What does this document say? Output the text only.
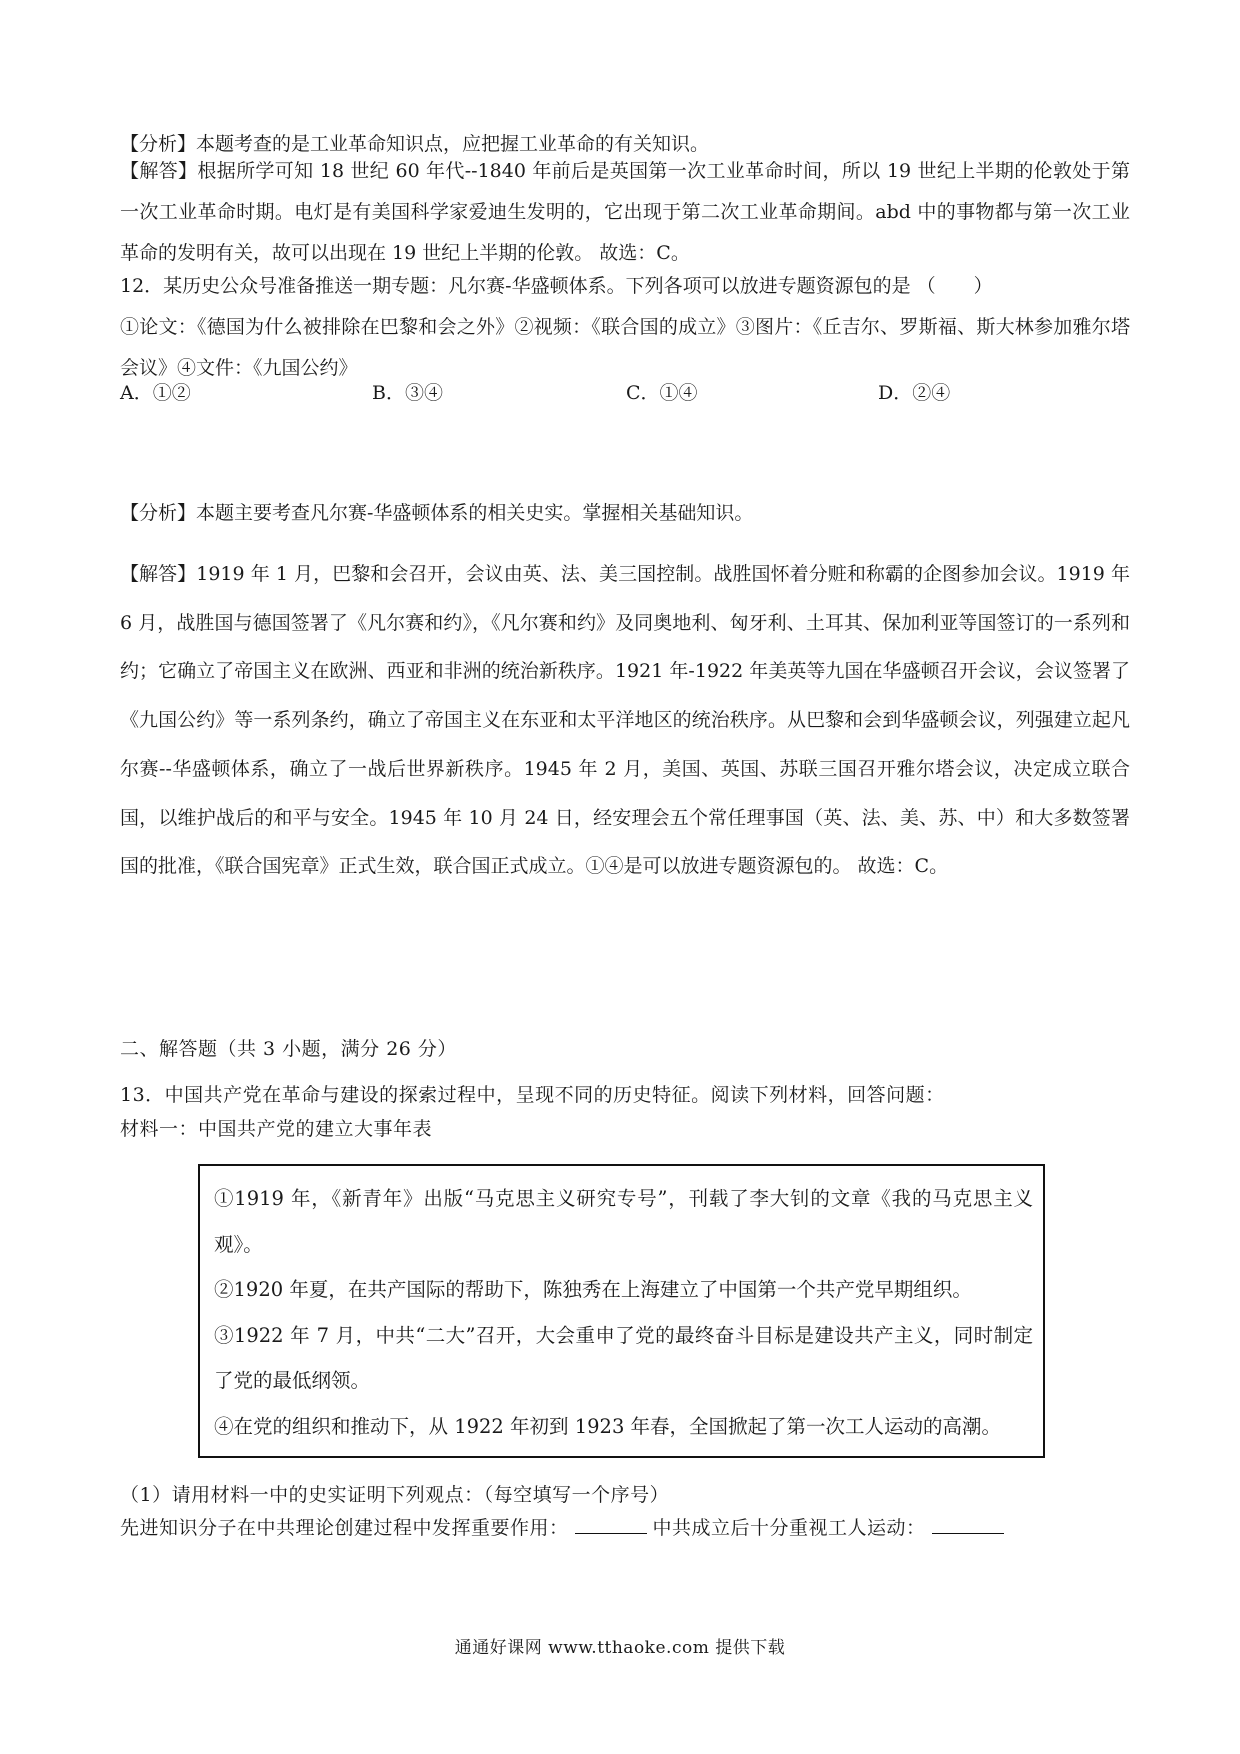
【分析】本题考查的是工业革命知识点，应把握工业革命的有关知识。
【解答】根据所学可知 18 世纪 60 年代--1840 年前后是英国第一次工业革命时间，所以 19 世纪上半期的伦敦处于第一次工业革命时期。电灯是有美国科学家爱迪生发明的，它出现于第二次工业革命期间。abd 中的事物都与第一次工业革命的发明有关，故可以出现在 19 世纪上半期的伦敦。 故选：C。
12．某历史公众号准备推送一期专题：凡尔赛-华盛顿体系。下列各项可以放进专题资源包的是 （　　）
①论文：《德国为什么被排除在巴黎和会之外》②视频：《联合国的成立》③图片：《丘吉尔、罗斯福、斯大林参加雅尔塔会议》④文件：《九国公约》
A．①②	B．③④	C．①④	D．②④
【分析】本题主要考查凡尔赛-华盛顿体系的相关史实。掌握相关基础知识。
【解答】1919 年 1 月，巴黎和会召开，会议由英、法、美三国控制。战胜国怀着分赃和称霸的企图参加会议。1919 年 6 月，战胜国与德国签署了《凡尔赛和约》，《凡尔赛和约》及同奥地利、匈牙利、土耳其、保加利亚等国签订的一系列和约；它确立了帝国主义在欧洲、西亚和非洲的统治新秩序。1921 年-1922 年美英等九国在华盛顿召开会议，会议签署了《九国公约》等一系列条约，确立了帝国主义在东亚和太平洋地区的统治秩序。从巴黎和会到华盛顿会议，列强建立起凡尔赛--华盛顿体系，确立了一战后世界新秩序。1945 年 2 月，美国、英国、苏联三国召开雅尔塔会议，决定成立联合国，以维护战后的和平与安全。1945 年 10 月 24 日，经安理会五个常任理事国（英、法、美、苏、中）和大多数签署国的批准，《联合国宪章》正式生效，联合国正式成立。①④是可以放进专题资源包的。 故选：C。
二、解答题（共 3 小题，满分 26 分）
13．中国共产党在革命与建设的探索过程中，呈现不同的历史特征。阅读下列材料，回答问题：
材料一：中国共产党的建立大事年表

①1919 年，《新青年》出版“马克思主义研究专号”，刊载了李大钊的文章《我的马克思主义观》。

②1920 年夏，在共产国际的帮助下，陈独秀在上海建立了中国第一个共产党早期组织。

③1922 年 7 月，中共“二大”召开，大会重申了党的最终奋斗目标是建设共产主义，同时制定了党的最低纲领。

④在党的组织和推动下，从 1922 年初到 1923 年春，全国掀起了第一次工人运动的高潮。

（1）请用材料一中的史实证明下列观点：（每空填写一个序号）
先进知识分子在中共理论创建过程中发挥重要作用：	中共成立后十分重视工人运动：
通通好课网 www.tthaoke.com 提供下载
